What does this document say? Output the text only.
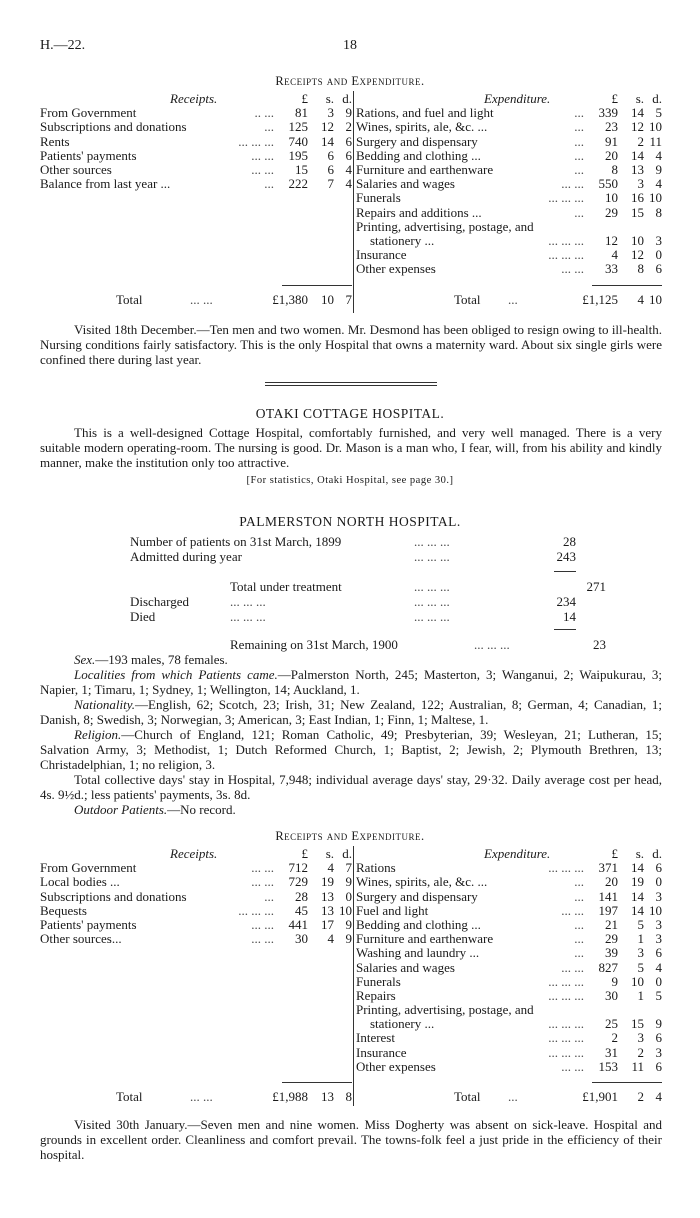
H.—22.	18
Receipts and Expenditure.
Receipts.	£	s. d.
From Government	.. ...	81	3 9
Subscriptions and donations	...	125	12 2
Rents	... ... ...	740	14 6
Patients' payments	... ...	195	6 6
Other sources	... ...	15	6 4
Balance from last year ...	...	222	7 4
Expenditure.	£	s. d.
Rations, and fuel and light	...	339	14 5
Wines, spirits, ale, &c. ...	...	23	12 10
Surgery and dispensary	...	91	2 11
Bedding and clothing ...	...	20	14 4
Furniture and earthenware	...	8	13 9
Salaries and wages	... ...	550	3 4
Funerals	... ... ...	10	16 10
Repairs and additions ...	...	29	15 8
Printing, advertising, postage, and
stationery ...	... ... ...	12	10 3
Insurance	... ... ...	4	12 0
Other expenses	... ...	33	8 6
Total	... ...	£1,380	10 7	Total ...	£1,125	4 10

Visited 18th December.—Ten men and two women. Mr. Desmond has been obliged to resign owing to ill-health. Nursing conditions fairly satisfactory. This is the only Hospital that owns a maternity ward. About six single girls were confined there during last year.

OTAKI COTTAGE HOSPITAL.

This is a well-designed Cottage Hospital, comfortably furnished, and very well managed. There is a very suitable modern operating-room. The nursing is good. Dr. Mason is a man who, I fear, will, from his ability and kindly manner, make the institution only too attractive.

[For statistics, Otaki Hospital, see page 30.]
PALMERSTON NORTH HOSPITAL.
Number of patients on 31st March, 1899	... ... ...	28
Admitted during year	... ... ...	243
Total under treatment	... ... ...	271
Discharged	... ... ...	... ... ...	234
Died	... ... ...	... ... ...	14
Remaining on 31st March, 1900	... ... ...	23

Sex.—193 males, 78 females.

Localities from which Patients came.—Palmerston North, 245; Masterton, 3; Wanganui, 2; Waipukurau, 3; Napier, 1; Timaru, 1; Sydney, 1; Wellington, 14; Auckland, 1.

Nationality.—English, 62; Scotch, 23; Irish, 31; New Zealand, 122; Australian, 8; German, 4; Canadian, 1; Danish, 8; Swedish, 3; Norwegian, 3; American, 3; East Indian, 1; Finn, 1; Maltese, 1.

Religion.—Church of England, 121; Roman Catholic, 49; Presbyterian, 39; Wesleyan, 21; Lutheran, 15; Salvation Army, 3; Methodist, 1; Dutch Reformed Church, 1; Baptist, 2; Jewish, 2; Plymouth Brethren, 13; Christadelphian, 1; no religion, 3.

Total collective days' stay in Hospital, 7,948; individual average days' stay, 29·32. Daily average cost per head, 4s. 9½d.; less patients' payments, 3s. 8d.

Outdoor Patients.—No record.

Receipts and Expenditure.
Receipts.	£	s. d.
From Government	... ...	712	4 7
Local bodies ...	... ...	729	19 9
Subscriptions and donations	...	28	13 0
Bequests	... ... ...	45	13 10
Patients' payments	... ...	441	17 9
Other sources...	... ...	30	4 9
Expenditure.	£	s. d.
Rations	... ... ...	371	14 6
Wines, spirits, ale, &c. ...	...	20	19 0
Surgery and dispensary	...	141	14 3
Fuel and light	... ...	197	14 10
Bedding and clothing ...	...	21	5 3
Furniture and earthenware	...	29	1 3
Washing and laundry ...	...	39	3 6
Salaries and wages	... ...	827	5 4
Funerals	... ... ...	9	10 0
Repairs	... ... ...	30	1 5
Printing, advertising, postage, and
stationery ...	... ... ...	25	15 9
Interest	... ... ...	2	3 6
Insurance	... ... ...	31	2 3
Other expenses	... ...	153	11 6
Total	... ...	£1,988	13 8	Total ...	£1,901	2 4

Visited 30th January.—Seven men and nine women. Miss Dogherty was absent on sick-leave. Hospital and grounds in excellent order. Cleanliness and comfort prevail. The towns-folk feel a just pride in the efficiency of their hospital.
